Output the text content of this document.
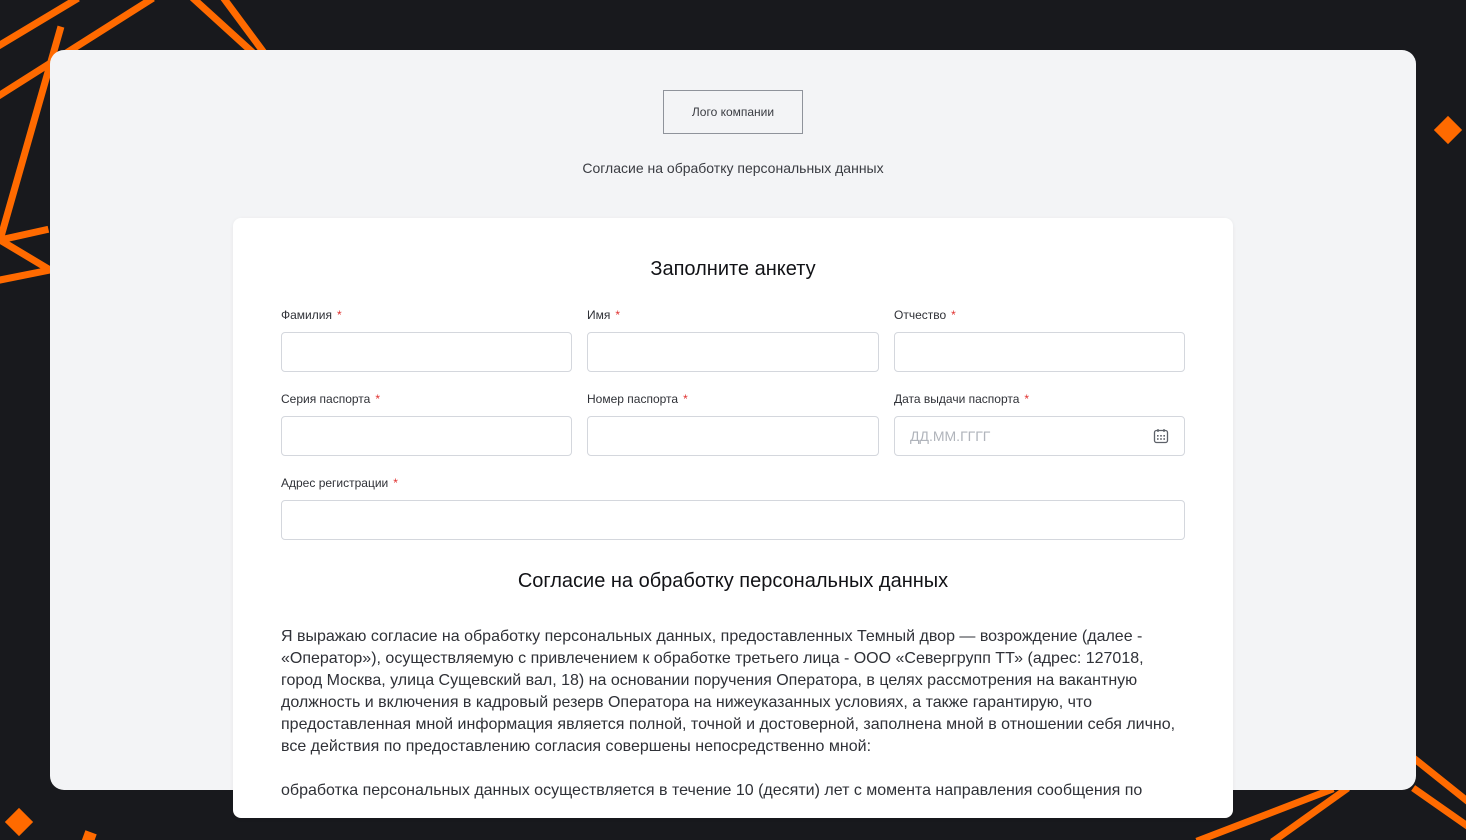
Лого компании
Согласие на обработку персональных данных
Заполните анкету
Фамилия *	Имя *	Отчество *
Серия паспорта *	Номер паспорта *	Дата выдачи паспорта *
ДД.ММ.ГГГГ
Адрес регистрации *
Согласие на обработку персональных данных

Я выражаю согласие на обработку персональных данных, предоставленных Темный двор — возрождение (далее - «Оператор»), осуществляемую с привлечением к обработке третьего лица - ООО «Севергрупп ТТ» (адрес: 127018, город Москва, улица Сущевский вал, 18) на основании поручения Оператора, в целях рассмотрения на вакантную должность и включения в кадровый резерв Оператора на нижеуказанных условиях, а также гарантирую, что предоставленная мной информация является полной, точной и достоверной, заполнена мной в отношении себя лично, все действия по предоставлению согласия совершены непосредственно мной:

обработка персональных данных осуществляется в течение 10 (десяти) лет с момента направления сообщения по
